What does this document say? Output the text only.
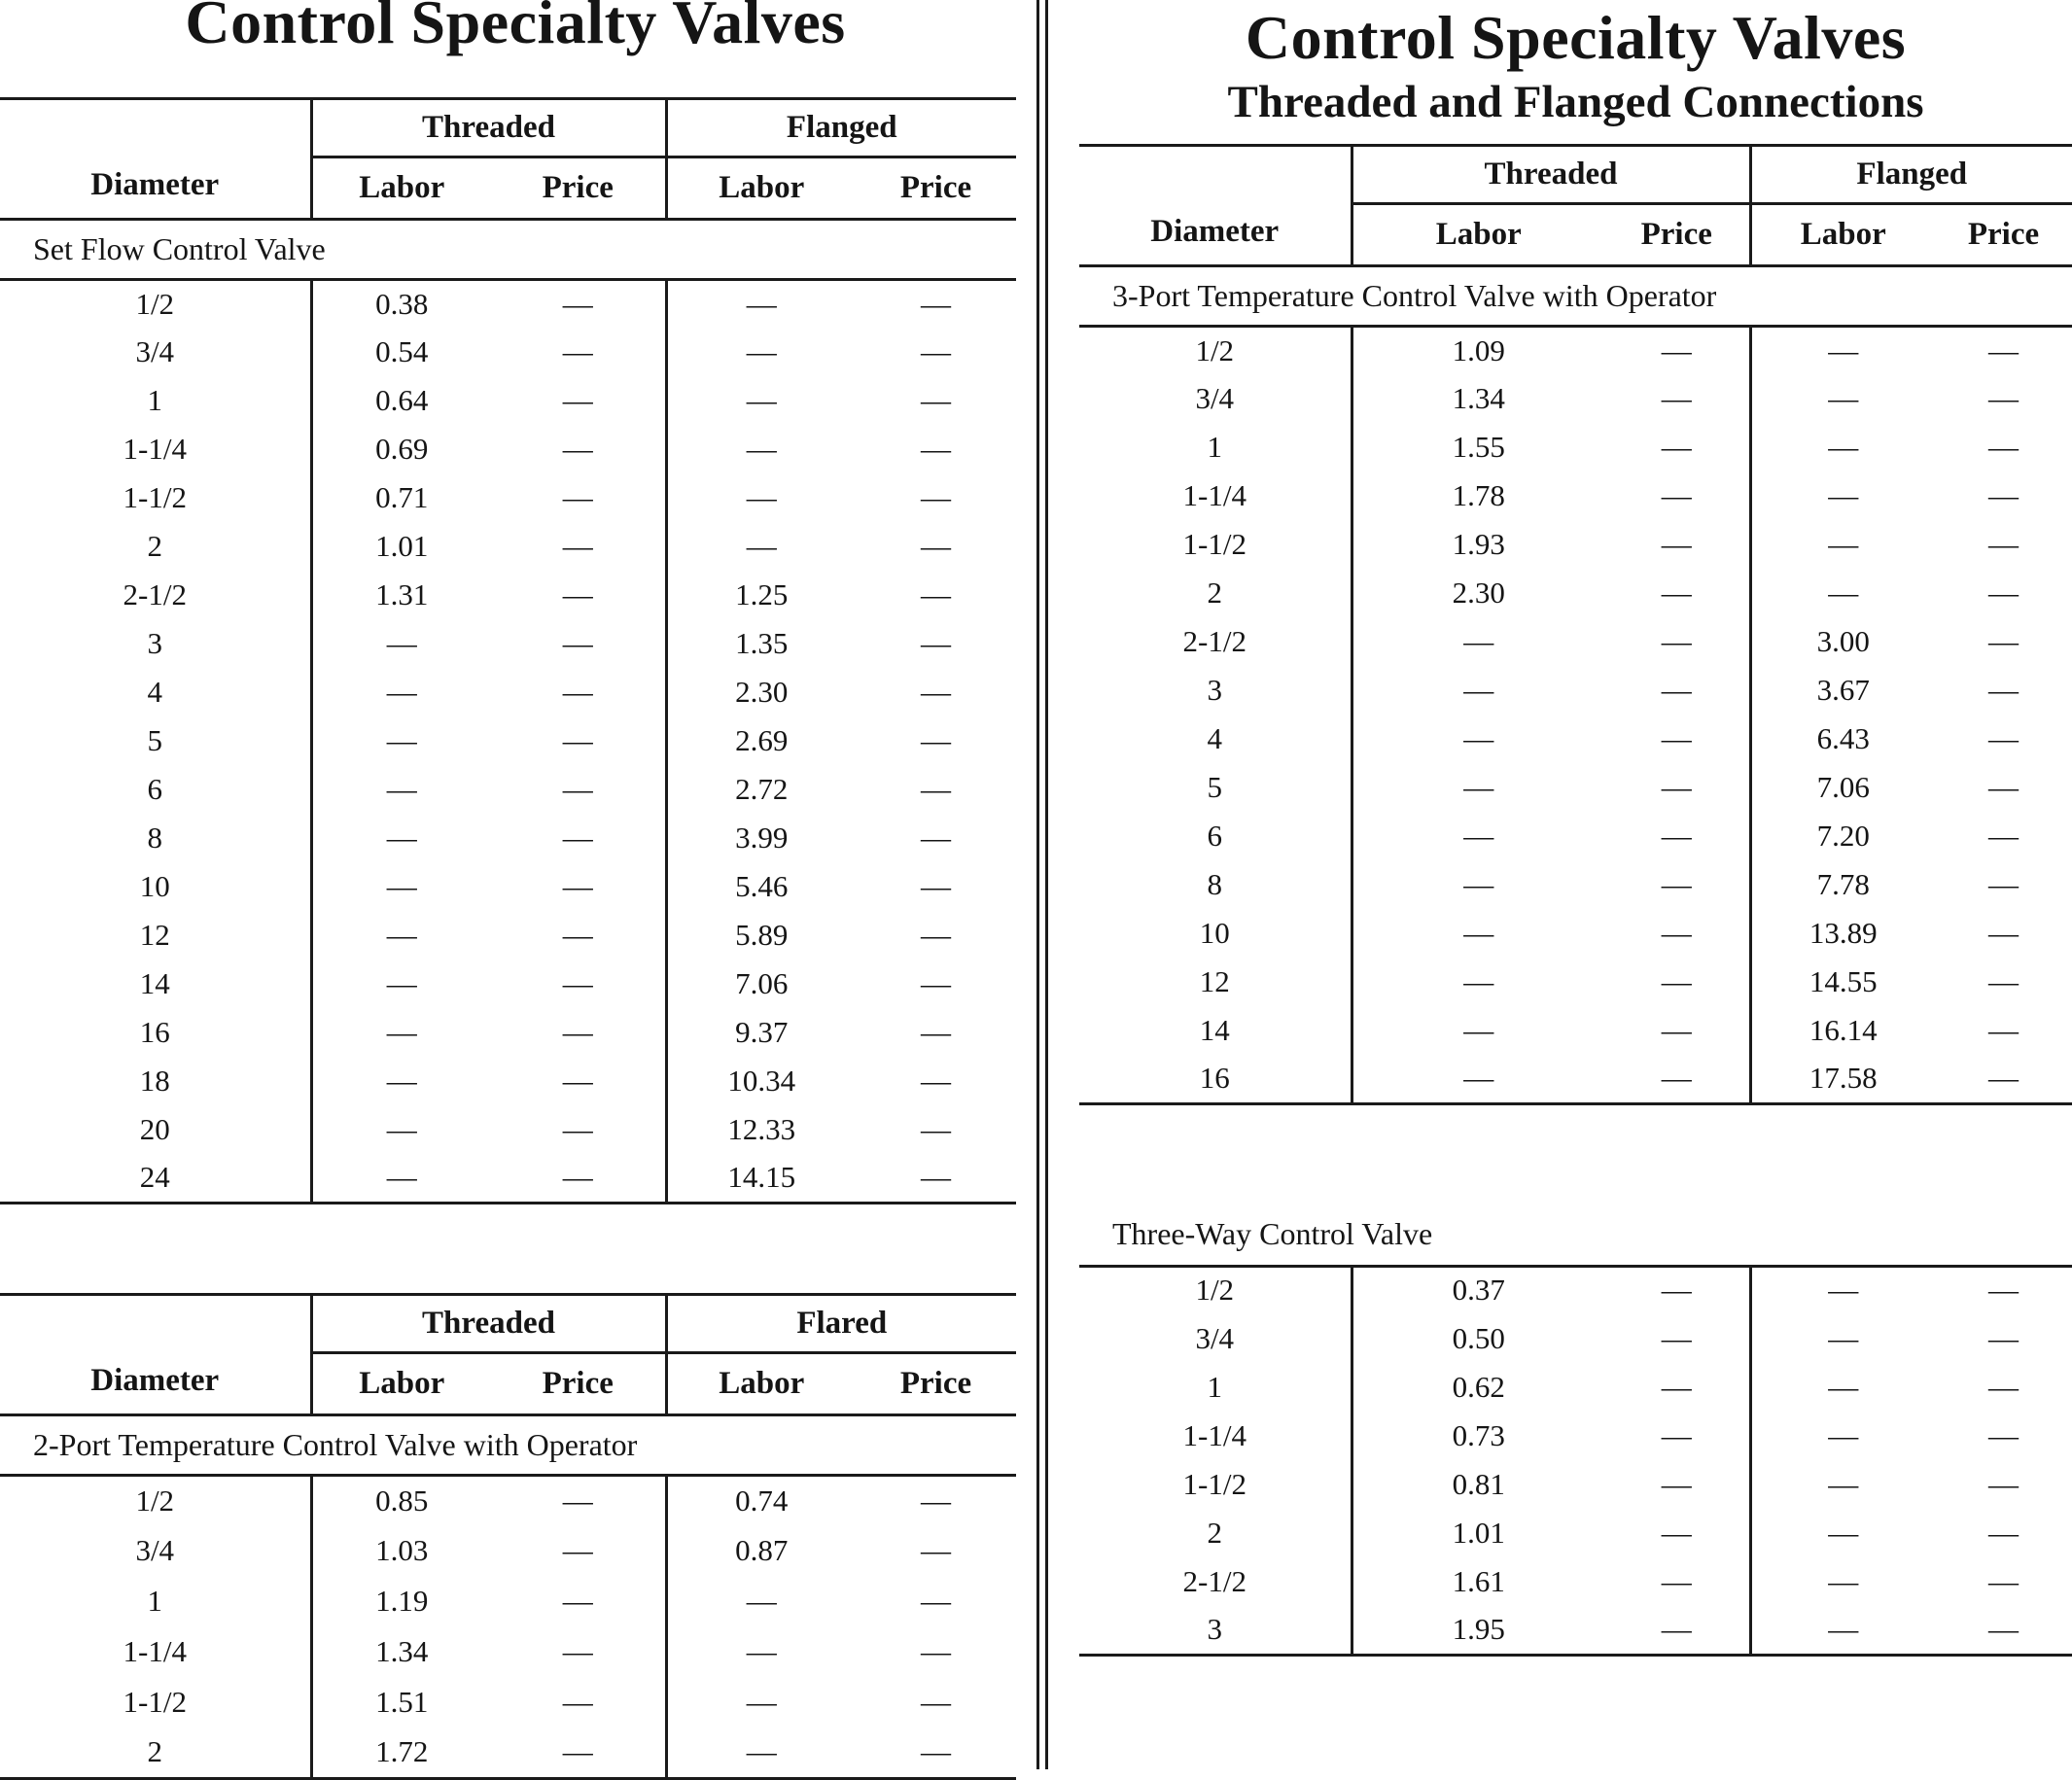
Control Specialty Valves
Diameter	Threaded		Flanged	
	Labor	Price	Labor	Price
Set Flow Control Valve				
1/2	0.38	—	—	—
3/4	0.54	—	—	—
1	0.64	—	—	—
1-1/4	0.69	—	—	—
1-1/2	0.71	—	—	—
2	1.01	—	—	—
2-1/2	1.31	—	1.25	—
3	—	—	1.35	—
4	—	—	2.30	—
5	—	—	2.69	—
6	—	—	2.72	—
8	—	—	3.99	—
10	—	—	5.46	—
12	—	—	5.89	—
14	—	—	7.06	—
16	—	—	9.37	—
18	—	—	10.34	—
20	—	—	12.33	—
24	—	—	14.15	—
Diameter	Threaded		Flared	
	Labor	Price	Labor	Price
2-Port Temperature Control Valve with Operator				
1/2	0.85	—	0.74	—
3/4	1.03	—	0.87	—
1	1.19	—	—	—
1-1/4	1.34	—	—	—
1-1/2	1.51	—	—	—
2	1.72	—	—	—
Control Specialty Valves
Threaded and Flanged Connections
Diameter	Threaded		Flanged	
	Labor	Price	Labor	Price
3-Port Temperature Control Valve with Operator				
1/2	1.09	—	—	—
3/4	1.34	—	—	—
1	1.55	—	—	—
1-1/4	1.78	—	—	—
1-1/2	1.93	—	—	—
2	2.30	—	—	—
2-1/2	—	—	3.00	—
3	—	—	3.67	—
4	—	—	6.43	—
5	—	—	7.06	—
6	—	—	7.20	—
8	—	—	7.78	—
10	—	—	13.89	—
12	—	—	14.55	—
14	—	—	16.14	—
16	—	—	17.58	—
Three-Way Control Valve				
1/2	0.37	—	—	—
3/4	0.50	—	—	—
1	0.62	—	—	—
1-1/4	0.73	—	—	—
1-1/2	0.81	—	—	—
2	1.01	—	—	—
2-1/2	1.61	—	—	—
3	1.95	—	—	—
